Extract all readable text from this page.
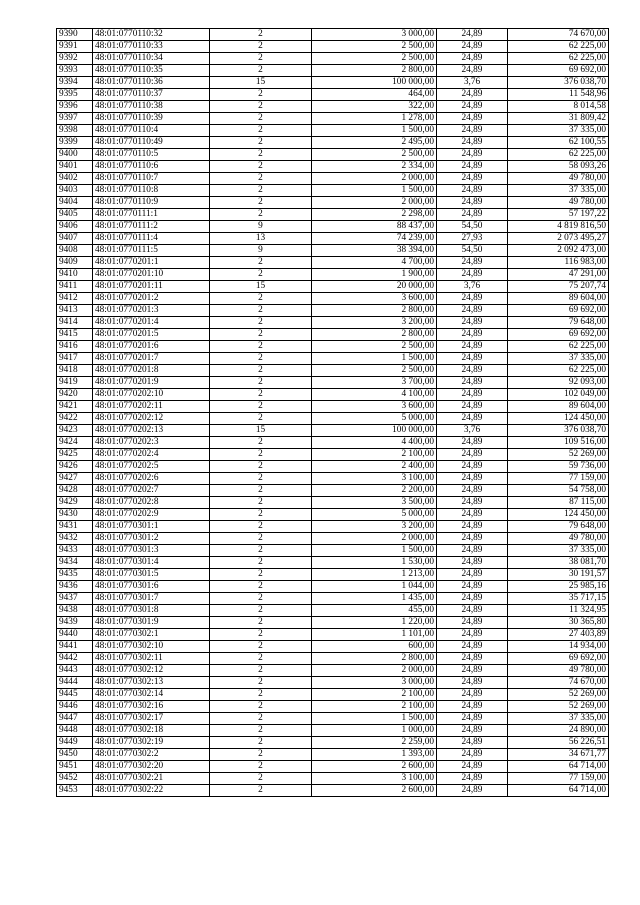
9390	48:01:0770110:32	2	3 000,00	24,89	74 670,00
9391	48:01:0770110:33	2	2 500,00	24,89	62 225,00
9392	48:01:0770110:34	2	2 500,00	24,89	62 225,00
9393	48:01:0770110:35	2	2 800,00	24,89	69 692,00
9394	48:01:0770110:36	15	100 000,00	3,76	376 038,70
9395	48:01:0770110:37	2	464,00	24,89	11 548,96
9396	48:01:0770110:38	2	322,00	24,89	8 014,58
9397	48:01:0770110:39	2	1 278,00	24,89	31 809,42
9398	48:01:0770110:4	2	1 500,00	24,89	37 335,00
9399	48:01:0770110:49	2	2 495,00	24,89	62 100,55
9400	48:01:0770110:5	2	2 500,00	24,89	62 225,00
9401	48:01:0770110:6	2	2 334,00	24,89	58 093,26
9402	48:01:0770110:7	2	2 000,00	24,89	49 780,00
9403	48:01:0770110:8	2	1 500,00	24,89	37 335,00
9404	48:01:0770110:9	2	2 000,00	24,89	49 780,00
9405	48:01:0770111:1	2	2 298,00	24,89	57 197,22
9406	48:01:0770111:2	9	88 437,00	54,50	4 819 816,50
9407	48:01:0770111:4	13	74 239,00	27,93	2 073 495,27
9408	48:01:0770111:5	9	38 394,00	54,50	2 092 473,00
9409	48:01:0770201:1	2	4 700,00	24,89	116 983,00
9410	48:01:0770201:10	2	1 900,00	24,89	47 291,00
9411	48:01:0770201:11	15	20 000,00	3,76	75 207,74
9412	48:01:0770201:2	2	3 600,00	24,89	89 604,00
9413	48:01:0770201:3	2	2 800,00	24,89	69 692,00
9414	48:01:0770201:4	2	3 200,00	24,89	79 648,00
9415	48:01:0770201:5	2	2 800,00	24,89	69 692,00
9416	48:01:0770201:6	2	2 500,00	24,89	62 225,00
9417	48:01:0770201:7	2	1 500,00	24,89	37 335,00
9418	48:01:0770201:8	2	2 500,00	24,89	62 225,00
9419	48:01:0770201:9	2	3 700,00	24,89	92 093,00
9420	48:01:0770202:10	2	4 100,00	24,89	102 049,00
9421	48:01:0770202:11	2	3 600,00	24,89	89 604,00
9422	48:01:0770202:12	2	5 000,00	24,89	124 450,00
9423	48:01:0770202:13	15	100 000,00	3,76	376 038,70
9424	48:01:0770202:3	2	4 400,00	24,89	109 516,00
9425	48:01:0770202:4	2	2 100,00	24,89	52 269,00
9426	48:01:0770202:5	2	2 400,00	24,89	59 736,00
9427	48:01:0770202:6	2	3 100,00	24,89	77 159,00
9428	48:01:0770202:7	2	2 200,00	24,89	54 758,00
9429	48:01:0770202:8	2	3 500,00	24,89	87 115,00
9430	48:01:0770202:9	2	5 000,00	24,89	124 450,00
9431	48:01:0770301:1	2	3 200,00	24,89	79 648,00
9432	48:01:0770301:2	2	2 000,00	24,89	49 780,00
9433	48:01:0770301:3	2	1 500,00	24,89	37 335,00
9434	48:01:0770301:4	2	1 530,00	24,89	38 081,70
9435	48:01:0770301:5	2	1 213,00	24,89	30 191,57
9436	48:01:0770301:6	2	1 044,00	24,89	25 985,16
9437	48:01:0770301:7	2	1 435,00	24,89	35 717,15
9438	48:01:0770301:8	2	455,00	24,89	11 324,95
9439	48:01:0770301:9	2	1 220,00	24,89	30 365,80
9440	48:01:0770302:1	2	1 101,00	24,89	27 403,89
9441	48:01:0770302:10	2	600,00	24,89	14 934,00
9442	48:01:0770302:11	2	2 800,00	24,89	69 692,00
9443	48:01:0770302:12	2	2 000,00	24,89	49 780,00
9444	48:01:0770302:13	2	3 000,00	24,89	74 670,00
9445	48:01:0770302:14	2	2 100,00	24,89	52 269,00
9446	48:01:0770302:16	2	2 100,00	24,89	52 269,00
9447	48:01:0770302:17	2	1 500,00	24,89	37 335,00
9448	48:01:0770302:18	2	1 000,00	24,89	24 890,00
9449	48:01:0770302:19	2	2 259,00	24,89	56 226,51
9450	48:01:0770302:2	2	1 393,00	24,89	34 671,77
9451	48:01:0770302:20	2	2 600,00	24,89	64 714,00
9452	48:01:0770302:21	2	3 100,00	24,89	77 159,00
9453	48:01:0770302:22	2	2 600,00	24,89	64 714,00
